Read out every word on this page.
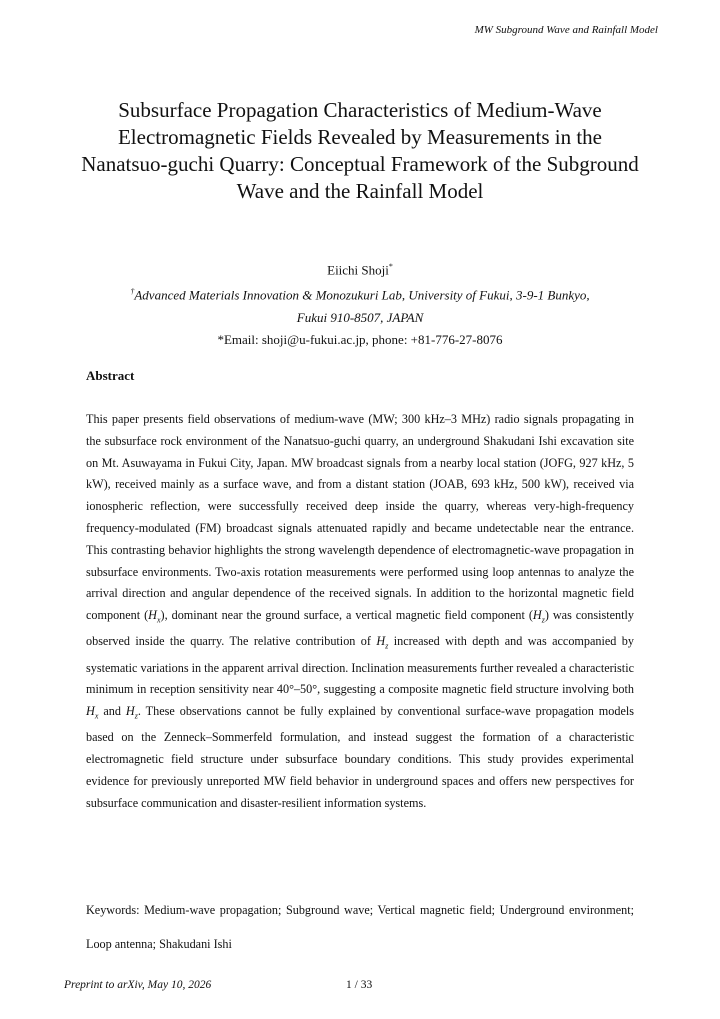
MW Subground Wave and Rainfall Model
Subsurface Propagation Characteristics of Medium-Wave Electromagnetic Fields Revealed by Measurements in the Nanatsuo-guchi Quarry: Conceptual Framework of the Subground Wave and the Rainfall Model
Eiichi Shoji*
†Advanced Materials Innovation & Monozukuri Lab, University of Fukui, 3-9-1 Bunkyo,
Fukui 910-8507, JAPAN
*Email: shoji@u-fukui.ac.jp, phone: +81-776-27-8076
Abstract

This paper presents field observations of medium-wave (MW; 300 kHz–3 MHz) radio signals propagating in the subsurface rock environment of the Nanatsuo-guchi quarry, an underground Shakudani Ishi excavation site on Mt. Asuwayama in Fukui City, Japan. MW broadcast signals from a nearby local station (JOFG, 927 kHz, 5 kW), received mainly as a surface wave, and from a distant station (JOAB, 693 kHz, 500 kW), received via ionospheric reflection, were successfully received deep inside the quarry, whereas very-high-frequency frequency-modulated (FM) broadcast signals attenuated rapidly and became undetectable near the entrance. This contrasting behavior highlights the strong wavelength dependence of electromagnetic-wave propagation in subsurface environments. Two-axis rotation measurements were performed using loop antennas to analyze the arrival direction and angular dependence of the received signals. In addition to the horizontal magnetic field component $(H_x)$, dominant near the ground surface, a vertical magnetic field component $(H_z)$ was consistently observed inside the quarry. The relative contribution of $H_z$ increased with depth and was accompanied by systematic variations in the apparent arrival direction. Inclination measurements further revealed a characteristic minimum in reception sensitivity near 40°–50°, suggesting a composite magnetic field structure involving both $H_x$ and $H_z$. These observations cannot be fully explained by conventional surface-wave propagation models based on the Zenneck–Sommerfeld formulation, and instead suggest the formation of a characteristic electromagnetic field structure under subsurface boundary conditions. This study provides experimental evidence for previously unreported MW field behavior in underground spaces and offers new perspectives for subsurface communication and disaster-resilient information systems.

Keywords: Medium-wave propagation; Subground wave; Vertical magnetic field; Underground environment; Loop antenna; Shakudani Ishi

Preprint to arXiv, May 10, 2026	1 / 33
